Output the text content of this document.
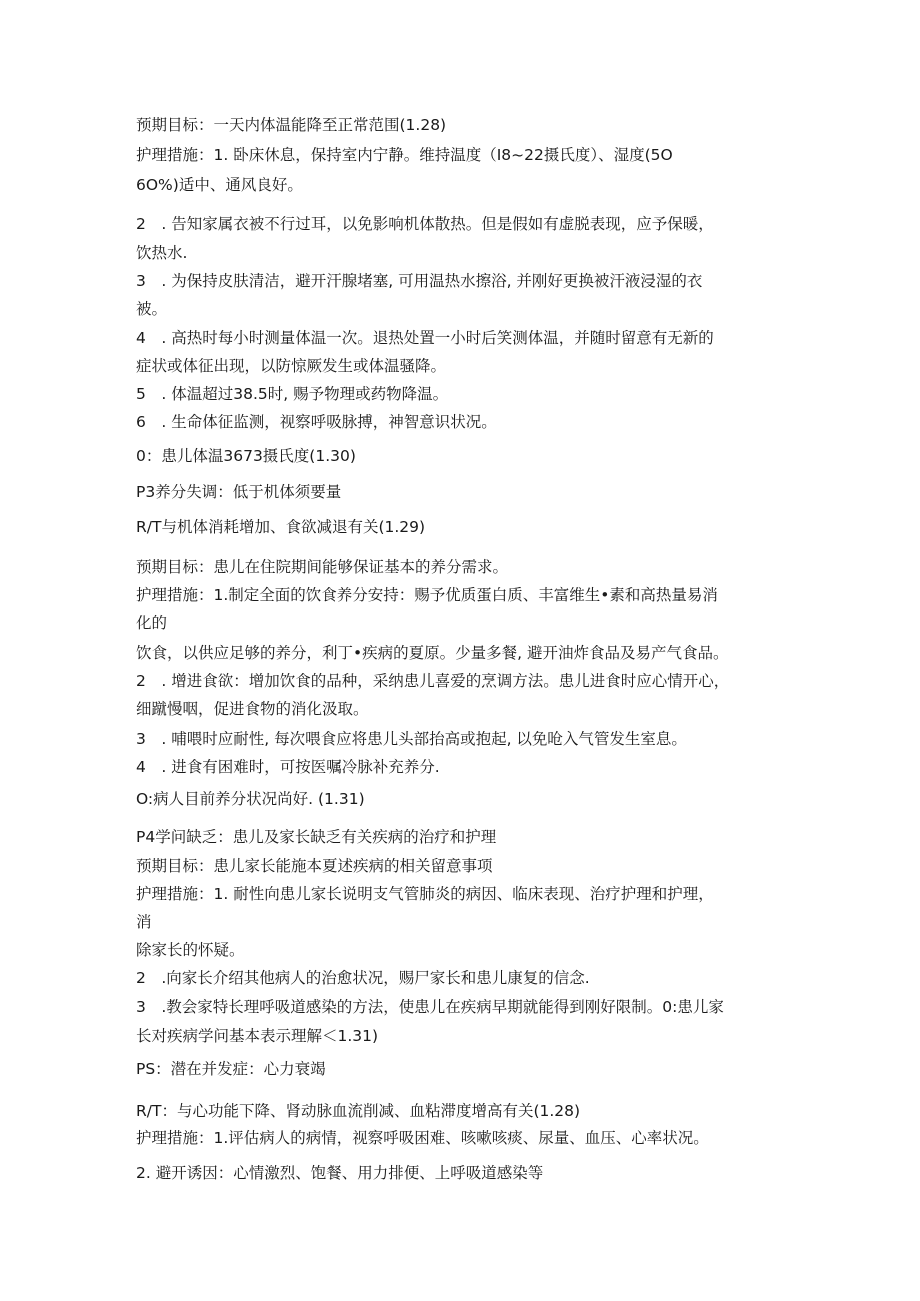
预期目标：一天内体温能降至正常范围(1.28)
护理措施：1. 卧床休息，保持室内宁静。维持温度（I8~22摄氏度）、湿度(5O
6O%)适中、通风良好。
2　. 告知家属衣被不行过耳，以免影响机体散热。但是假如有虚脱表现，应予保暖，
饮热水.
3　. 为保持皮肤清洁，避开汗腺堵塞, 可用温热水擦浴, 并刚好更换被汗液浸湿的衣
被。
4　. 高热时每小时测量体温一次。退热处置一小时后笑测体温，并随时留意有无新的
症状或体征出现，以防惊厥发生或体温骚降。
5　. 体温超过38.5时, 赐予物理或药物降温。
6　. 生命体征监测，视察呼吸脉搏，神智意识状况。
0：患儿体温3673摄氏度(1.30)
P3养分失调：低于机体须要量
R/T与机体消耗增加、食欲减退有关(1.29)
预期目标：患儿在住院期间能够保证基本的养分需求。
护理措施：1.制定全面的饮食养分安持：赐予优质蛋白质、丰富维生•素和高热量易消
化的
饮食，以供应足够的养分，利丁•疾病的夏原。少量多餐, 避开油炸食品及易产气食品。
2　. 增进食欲：增加饮食的品种，采纳患儿喜爱的烹调方法。患儿进食时应心情开心，
细蹴慢咽，促进食物的消化汲取。
3　. 哺喂时应耐性, 每次喂食应将患儿头部抬高或抱起, 以免呛入气管发生室息。
4　. 进食有困难时，可按医嘱冷脉补充养分.
O:病人目前养分状况尚好. (1.31)
P4学问缺乏：患儿及家长缺乏有关疾病的治疗和护理
预期目标：患儿家长能施本夏述疾病的相关留意事项
护理措施：1. 耐性向患儿家长说明支气管肺炎的病因、临床表现、治疗护理和护理，
消
除家长的怀疑。
2　.向家长介绍其他病人的治愈状况，赐尸家长和患儿康复的信念.
3　.教会家特长理呼吸道感染的方法，使患儿在疾病早期就能得到刚好限制。0:患儿家
长对疾病学问基本表示理解＜1.31)
PS：潜在并发症：心力衰竭
R/T：与心功能下降、肾动脉血流削减、血粘滞度增高有关(1.28)
护理措施：1.评估病人的病情，视察呼吸困难、咳嗽咳痰、尿量、血压、心率状况。
2. 避开诱因：心情激烈、饱餐、用力排便、上呼吸道感染等
